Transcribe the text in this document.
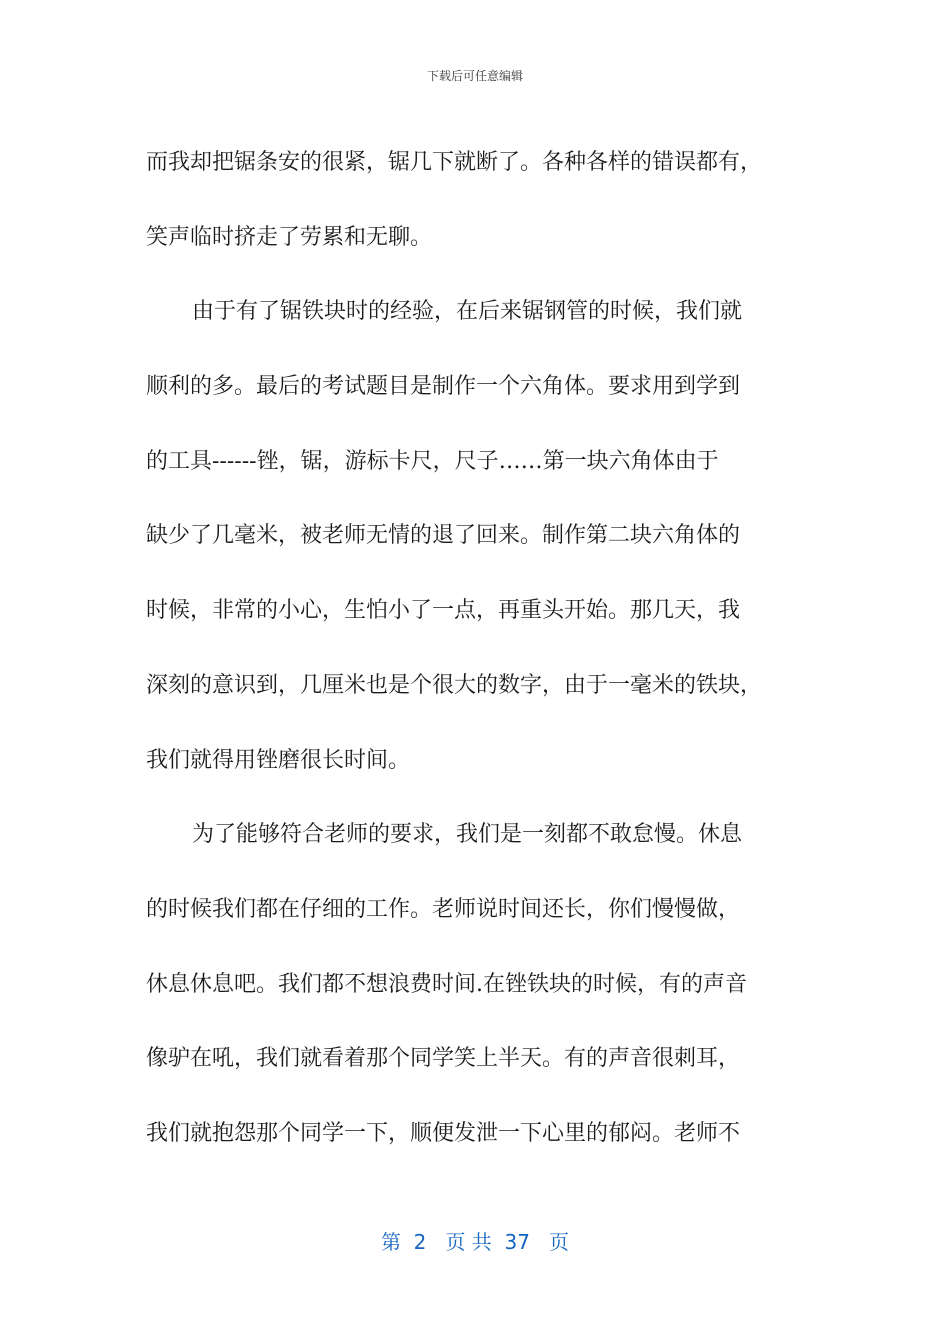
下载后可任意编辑
而我却把锯条安的很紧，锯几下就断了。各种各样的错误都有，
笑声临时挤走了劳累和无聊。
由于有了锯铁块时的经验，在后来锯钢管的时候，我们就
顺利的多。最后的考试题目是制作一个六角体。要求用到学到
的工具------锉，锯，游标卡尺，尺子……第一块六角体由于
缺少了几毫米，被老师无情的退了回来。制作第二块六角体的
时候，非常的小心，生怕小了一点，再重头开始。那几天，我
深刻的意识到，几厘米也是个很大的数字，由于一毫米的铁块，
我们就得用锉磨很长时间。
为了能够符合老师的要求，我们是一刻都不敢怠慢。休息
的时候我们都在仔细的工作。老师说时间还长，你们慢慢做，
休息休息吧。我们都不想浪费时间.在锉铁块的时候，有的声音
像驴在吼，我们就看着那个同学笑上半天。有的声音很刺耳，
我们就抱怨那个同学一下，顺便发泄一下心里的郁闷。老师不
第  2   页 共  37   页
